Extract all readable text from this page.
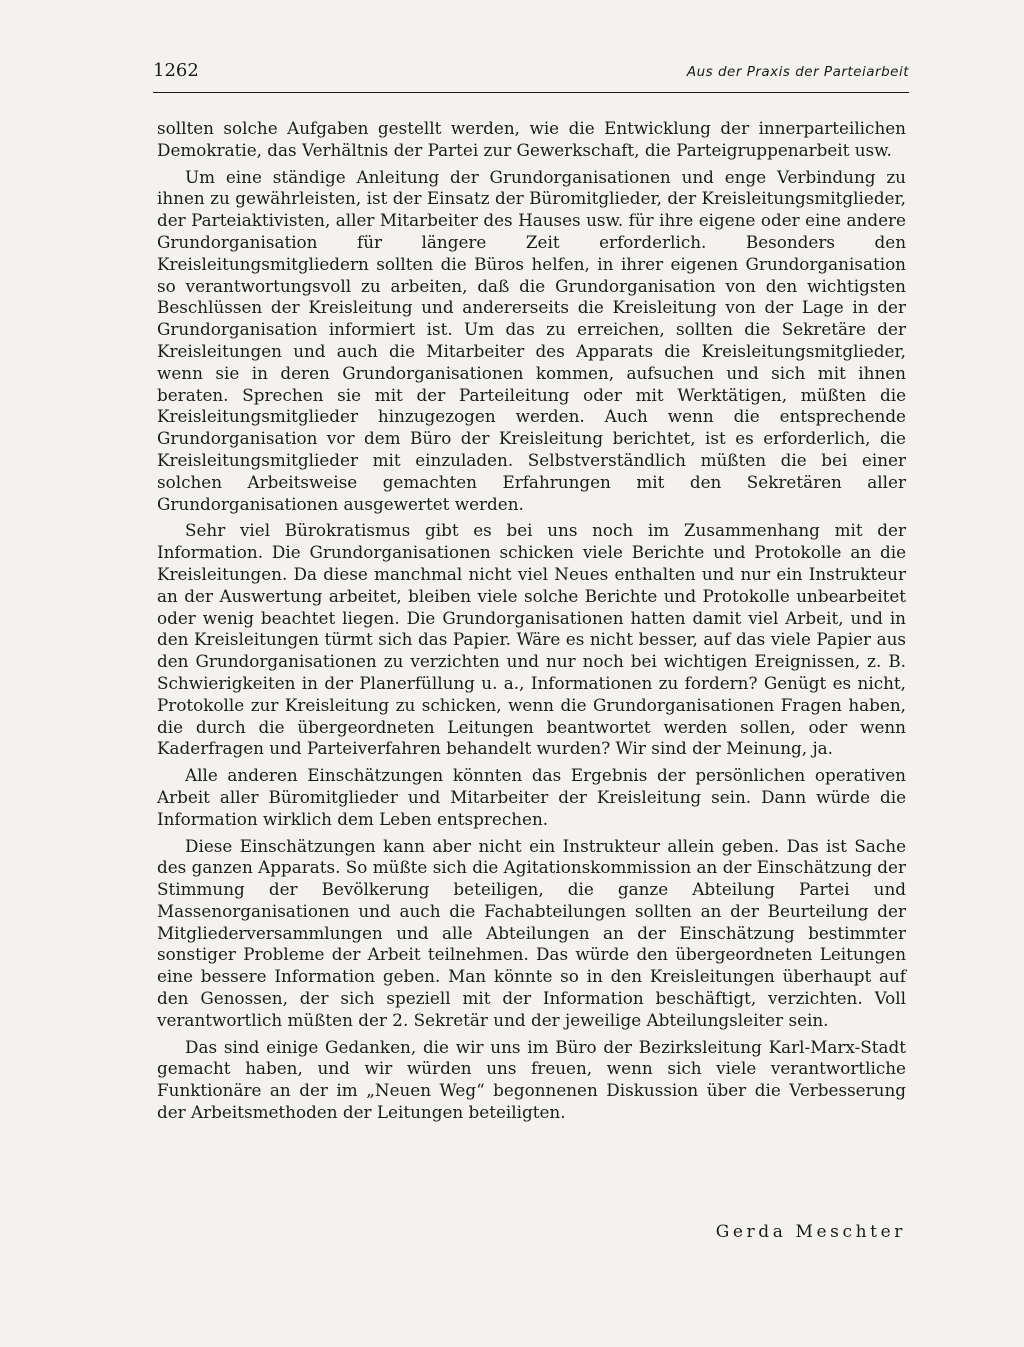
1262	Aus der Praxis der Parteiarbeit

sollten solche Aufgaben gestellt werden, wie die Entwicklung der innerparteilichen Demokratie, das Verhältnis der Partei zur Gewerkschaft, die Parteigruppenarbeit usw.

Um eine ständige Anleitung der Grundorganisationen und enge Verbindung zu ihnen zu gewährleisten, ist der Einsatz der Büromitglieder, der Kreisleitungsmitglieder, der Parteiaktivisten, aller Mitarbeiter des Hauses usw. für ihre eigene oder eine andere Grundorganisation für längere Zeit erforderlich. Besonders den Kreisleitungsmitgliedern sollten die Büros helfen, in ihrer eigenen Grundorganisation so verantwortungsvoll zu arbeiten, daß die Grundorganisation von den wichtigsten Beschlüssen der Kreisleitung und andererseits die Kreisleitung von der Lage in der Grundorganisation informiert ist. Um das zu erreichen, sollten die Sekretäre der Kreisleitungen und auch die Mitarbeiter des Apparats die Kreisleitungsmitglieder, wenn sie in deren Grundorganisationen kommen, aufsuchen und sich mit ihnen beraten. Sprechen sie mit der Parteileitung oder mit Werktätigen, müßten die Kreisleitungsmitglieder hinzugezogen werden. Auch wenn die entsprechende Grundorganisation vor dem Büro der Kreisleitung berichtet, ist es erforderlich, die Kreisleitungsmitglieder mit einzuladen. Selbstverständlich müßten die bei einer solchen Arbeitsweise gemachten Erfahrungen mit den Sekretären aller Grundorganisationen ausgewertet werden.

Sehr viel Bürokratismus gibt es bei uns noch im Zusammenhang mit der Information. Die Grundorganisationen schicken viele Berichte und Protokolle an die Kreisleitungen. Da diese manchmal nicht viel Neues enthalten und nur ein Instrukteur an der Auswertung arbeitet, bleiben viele solche Berichte und Protokolle unbearbeitet oder wenig beachtet liegen. Die Grundorganisationen hatten damit viel Arbeit, und in den Kreisleitungen türmt sich das Papier. Wäre es nicht besser, auf das viele Papier aus den Grundorganisationen zu verzichten und nur noch bei wichtigen Ereignissen, z. B. Schwierigkeiten in der Planerfüllung u. a., Informationen zu fordern? Genügt es nicht, Protokolle zur Kreisleitung zu schicken, wenn die Grundorganisationen Fragen haben, die durch die übergeordneten Leitungen beantwortet werden sollen, oder wenn Kaderfragen und Parteiverfahren behandelt wurden? Wir sind der Meinung, ja.

Alle anderen Einschätzungen könnten das Ergebnis der persönlichen operativen Arbeit aller Büromitglieder und Mitarbeiter der Kreisleitung sein. Dann würde die Information wirklich dem Leben entsprechen.

Diese Einschätzungen kann aber nicht ein Instrukteur allein geben. Das ist Sache des ganzen Apparats. So müßte sich die Agitationskommission an der Einschätzung der Stimmung der Bevölkerung beteiligen, die ganze Abteilung Partei und Massenorganisationen und auch die Fachabteilungen sollten an der Beurteilung der Mitgliederversammlungen und alle Abteilungen an der Einschätzung bestimmter sonstiger Probleme der Arbeit teilnehmen. Das würde den übergeordneten Leitungen eine bessere Information geben. Man könnte so in den Kreisleitungen überhaupt auf den Genossen, der sich speziell mit der Information beschäftigt, verzichten. Voll verantwortlich müßten der 2. Sekretär und der jeweilige Abteilungsleiter sein.

Das sind einige Gedanken, die wir uns im Büro der Bezirksleitung Karl-Marx-Stadt gemacht haben, und wir würden uns freuen, wenn sich viele verantwortliche Funktionäre an der im „Neuen Weg“ begonnenen Diskussion über die Verbesserung der Arbeitsmethoden der Leitungen beteiligten.

Gerda Meschter
